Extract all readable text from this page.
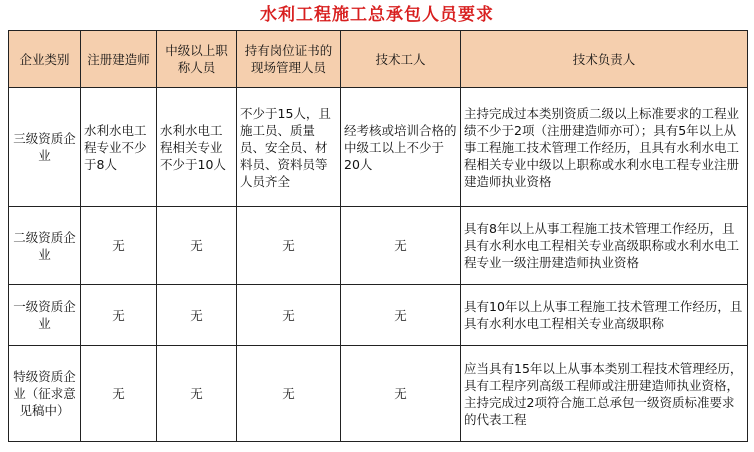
水利工程施工总承包人员要求
企业类别	注册建造师	中级以上职称人员	持有岗位证书的现场管理人员	技术工人	技术负责人
三级资质企业	水利水电工程专业不少于8人	水利水电工程相关专业不少于10人	不少于15人，且施工员、质量员、安全员、材料员、资料员等人员齐全	经考核或培训合格的中级工以上不少于20人	主持完成过本类别资质二级以上标准要求的工程业绩不少于2项（注册建造师亦可）；具有5年以上从事工程施工技术管理工作经历，且具有水利水电工程相关专业中级以上职称或水利水电工程专业注册建造师执业资格
二级资质企业	无	无	无	无	具有8年以上从事工程施工技术管理工作经历，且具有水利水电工程相关专业高级职称或水利水电工程专业一级注册建造师执业资格
一级资质企业	无	无	无	无	具有10年以上从事工程施工技术管理工作经历，且具有水利水电工程相关专业高级职称
特级资质企业（征求意见稿中）	无	无	无	无	应当具有15年以上从事本类别工程技术管理经历，具有工程序列高级工程师或注册建造师执业资格，主持完成过2项符合施工总承包一级资质标准要求的代表工程
